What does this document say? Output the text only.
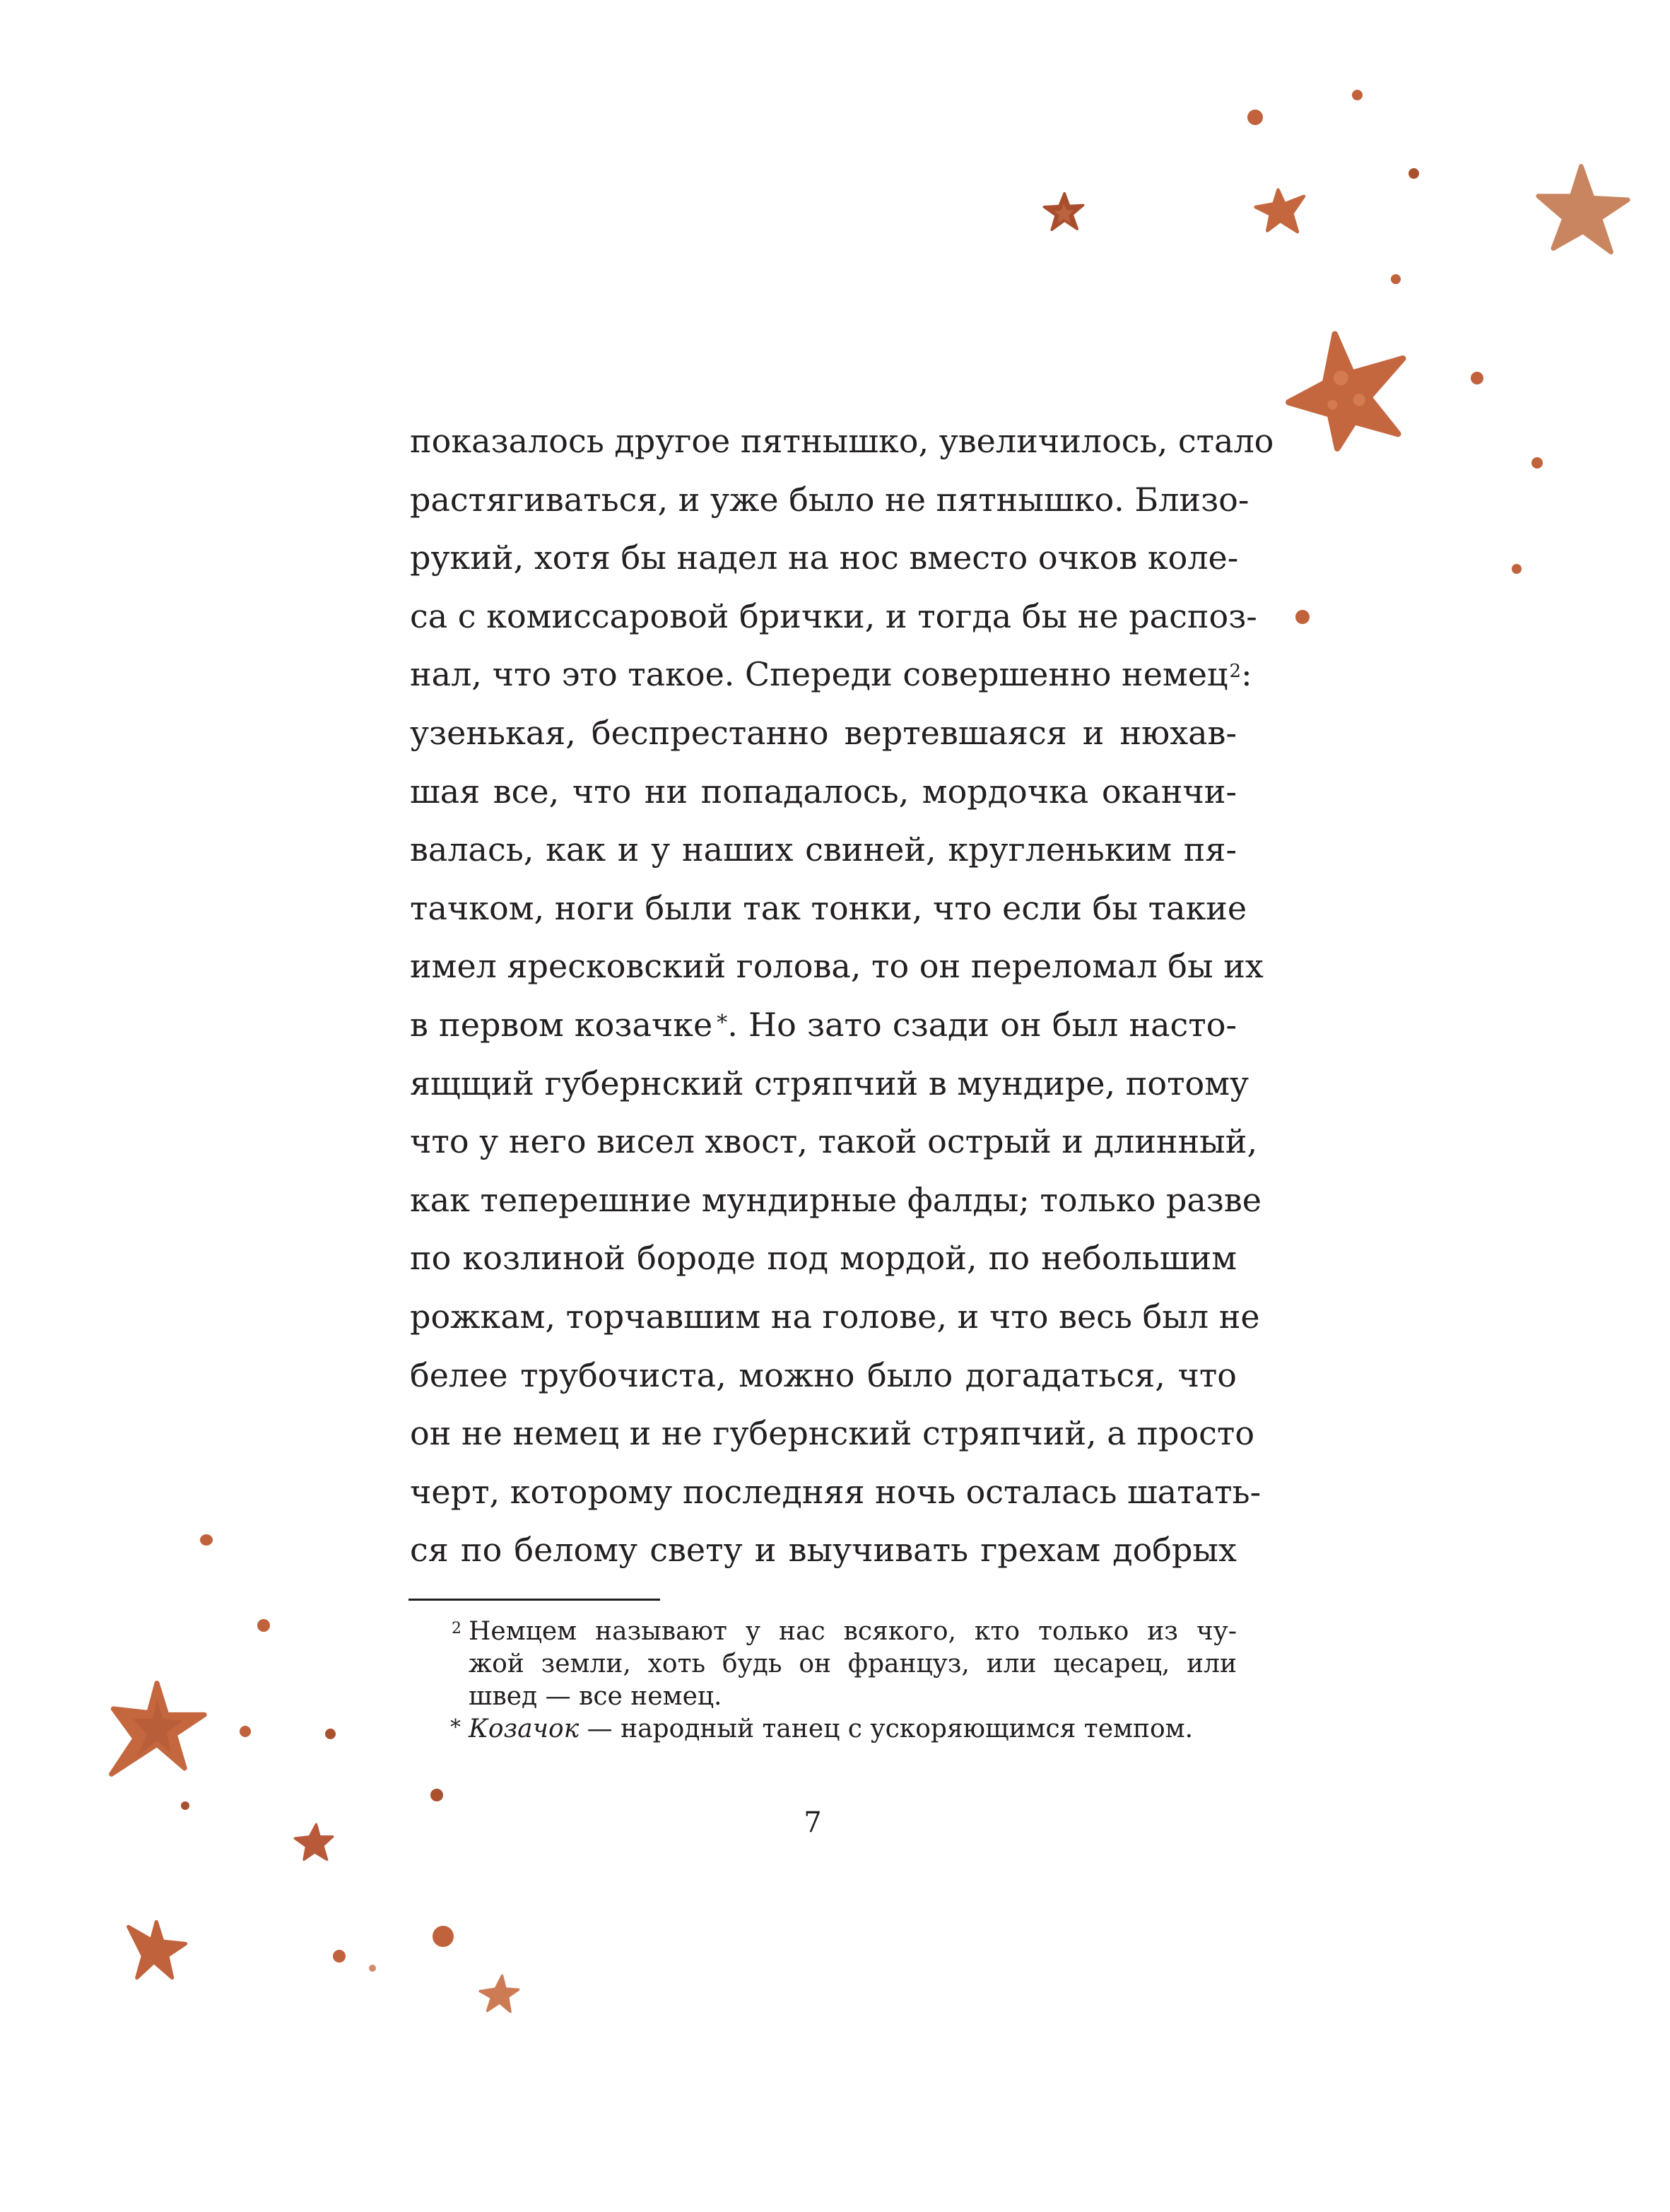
показалось другое пятнышко, увеличилось, стало
растягиваться, и уже было не пятнышко. Близо-
рукий, хотя бы надел на нос вместо очков коле-
са с комиссаровой брички, и тогда бы не распоз-
нал, что это такое. Спереди совершенно немец$^2$:
узенькая, беспрестанно вертевшаяся и нюхав-
шая все, что ни попадалось, мордочка оканчи-
валась, как и у наших свиней, кругленьким пя-
тачком, ноги были так тонки, что если бы такие
имел яресковский голова, то он переломал бы их
в первом козачке *. Но зато сзади он был насто-
ящщий губернский стряпчий в мундире, потому
что у него висел хвост, такой острый и длинный,
как теперешние мундирные фалды; только разве
по козлиной бороде под мордой, по небольшим
рожкам, торчавшим на голове, и что весь был не
белее трубочиста, можно было догадаться, что
он не немец и не губернский стряпчий, а просто
черт, которому последняя ночь осталась шатать-
ся по белому свету и выучивать грехам добрых
2 Немцем называют у нас всякого, кто только из чу-
жой земли, хоть будь он француз, или цесарец, или
швед — все немец.
* Козачок — народный танец с ускоряющимся темпом.
7
